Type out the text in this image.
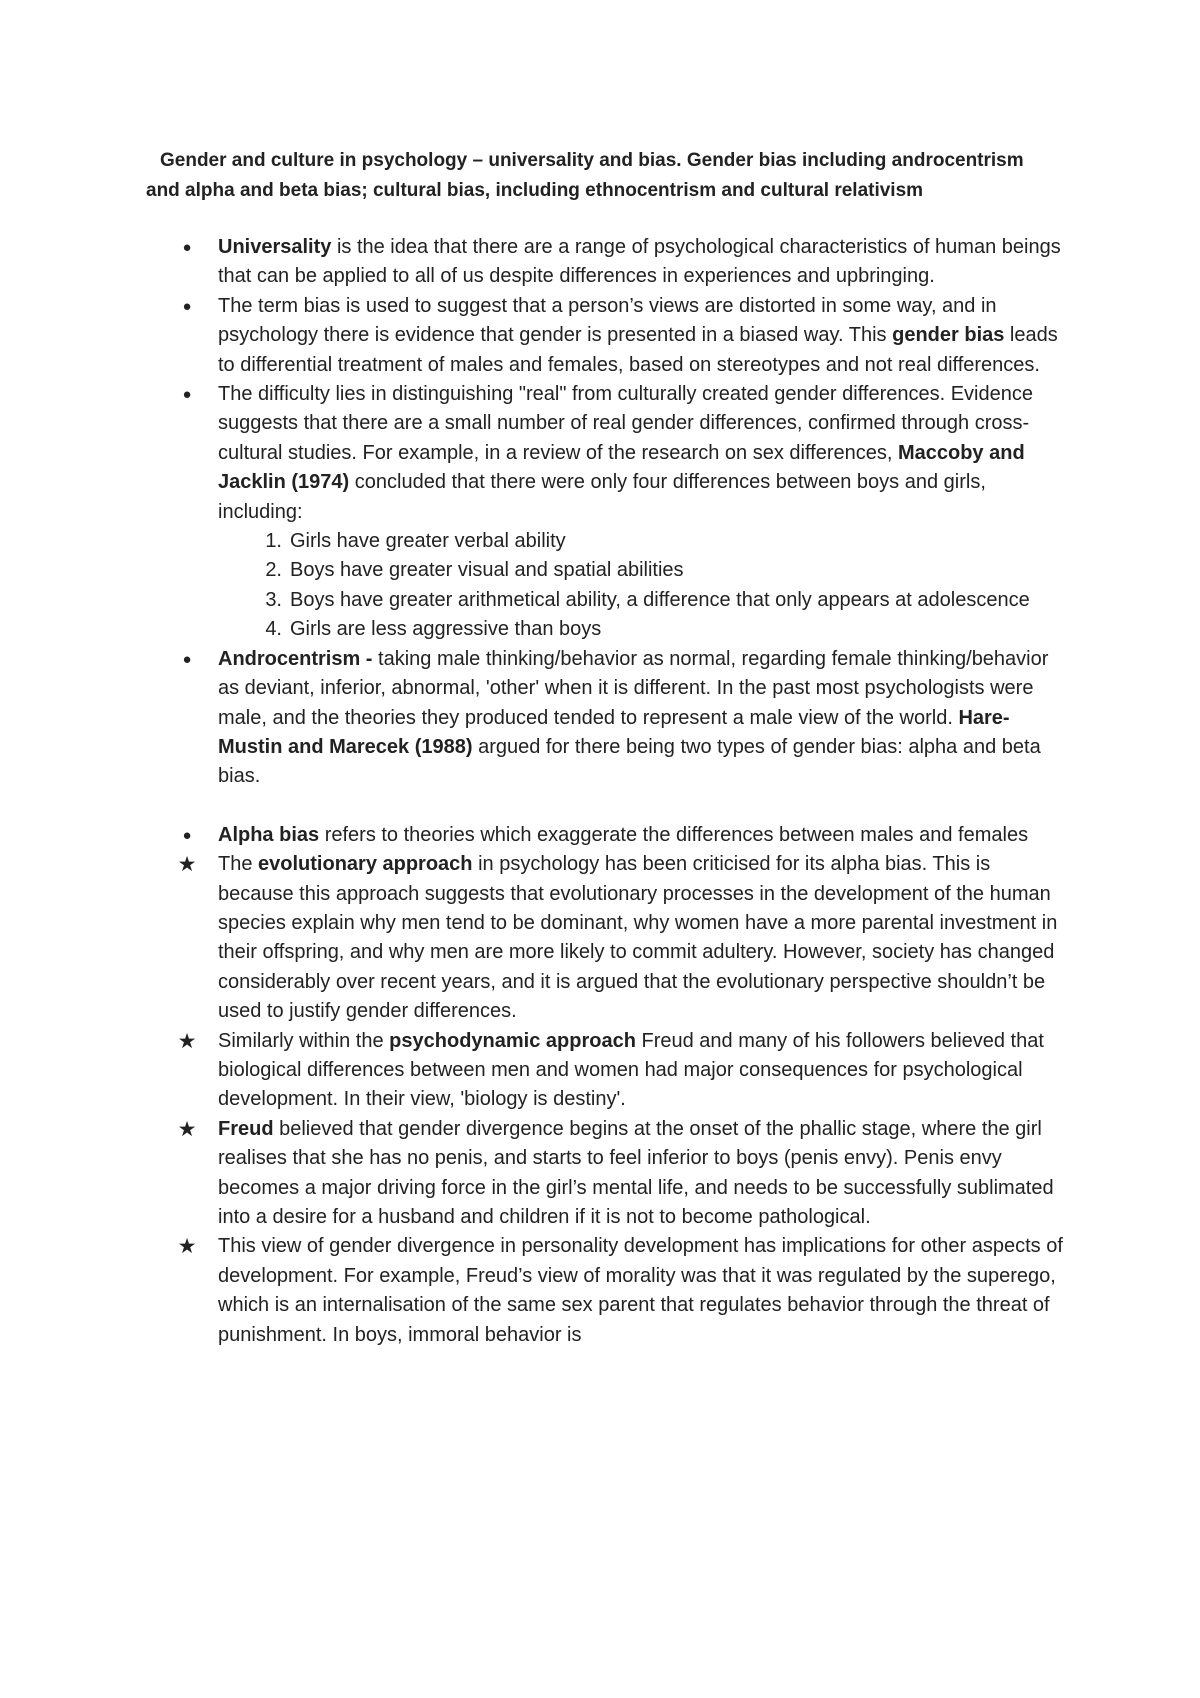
Gender and culture in psychology – universality and bias. Gender bias including androcentrism and alpha and beta bias; cultural bias, including ethnocentrism and cultural relativism

● Universality is the idea that there are a range of psychological characteristics of human beings that can be applied to all of us despite differences in experiences and upbringing.
● The term bias is used to suggest that a person’s views are distorted in some way, and in psychology there is evidence that gender is presented in a biased way. This gender bias leads to differential treatment of males and females, based on stereotypes and not real differences.
● The difficulty lies in distinguishing "real" from culturally created gender differences. Evidence suggests that there are a small number of real gender differences, confirmed through cross-cultural studies. For example, in a review of the research on sex differences, Maccoby and Jacklin (1974) concluded that there were only four differences between boys and girls, including:
1. Girls have greater verbal ability
2. Boys have greater visual and spatial abilities
3. Boys have greater arithmetical ability, a difference that only appears at adolescence
4. Girls are less aggressive than boys
● Androcentrism - taking male thinking/behavior as normal, regarding female thinking/behavior as deviant, inferior, abnormal, 'other' when it is different. In the past most psychologists were male, and the theories they produced tended to represent a male view of the world. Hare-Mustin and Marecek (1988) argued for there being two types of gender bias: alpha and beta bias.
● Alpha bias refers to theories which exaggerate the differences between males and females
★ The evolutionary approach in psychology has been criticised for its alpha bias. This is because this approach suggests that evolutionary processes in the development of the human species explain why men tend to be dominant, why women have a more parental investment in their offspring, and why men are more likely to commit adultery. However, society has changed considerably over recent years, and it is argued that the evolutionary perspective shouldn’t be used to justify gender differences.
★ Similarly within the psychodynamic approach Freud and many of his followers believed that biological differences between men and women had major consequences for psychological development. In their view, 'biology is destiny'.
★ Freud believed that gender divergence begins at the onset of the phallic stage, where the girl realises that she has no penis, and starts to feel inferior to boys (penis envy). Penis envy becomes a major driving force in the girl’s mental life, and needs to be successfully sublimated into a desire for a husband and children if it is not to become pathological.
★ This view of gender divergence in personality development has implications for other aspects of development. For example, Freud’s view of morality was that it was regulated by the superego, which is an internalisation of the same sex parent that regulates behavior through the threat of punishment. In boys, immoral behavior is
